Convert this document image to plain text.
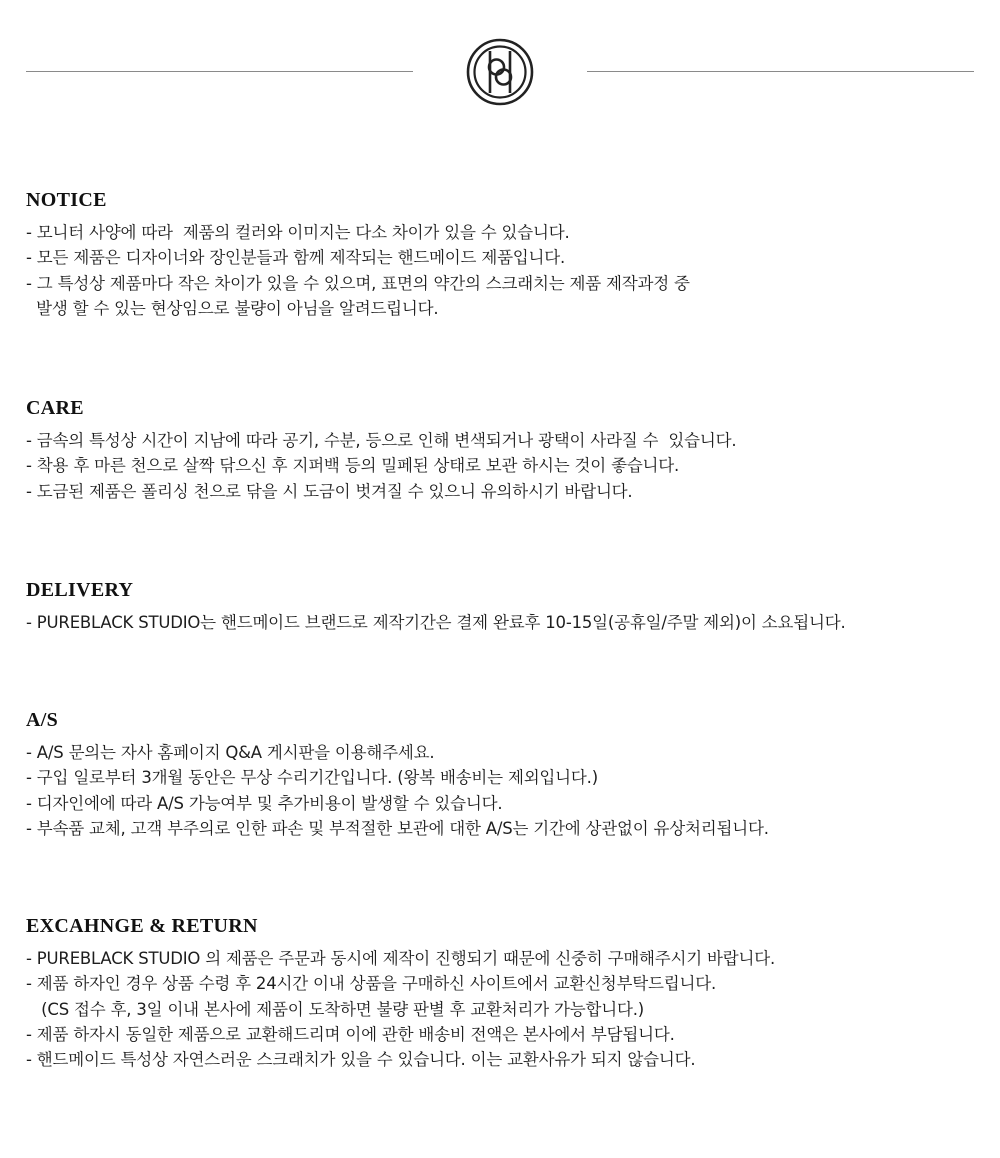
NOTICE
- 모니터 사양에 따라  제품의 컬러와 이미지는 다소 차이가 있을 수 있습니다.
- 모든 제품은 디자이너와 장인분들과 함께 제작되는 핸드메이드 제품입니다.
- 그 특성상 제품마다 작은 차이가 있을 수 있으며, 표면의 약간의 스크래치는 제품 제작과정 중
발생 할 수 있는 현상임으로 불량이 아님을 알려드립니다.
CARE
- 금속의 특성상 시간이 지남에 따라 공기, 수분, 등으로 인해 변색되거나 광택이 사라질 수  있습니다.
- 착용 후 마른 천으로 살짝 닦으신 후 지퍼백 등의 밀페된 상태로 보관 하시는 것이 좋습니다.
- 도금된 제품은 폴리싱 천으로 닦을 시 도금이 벗겨질 수 있으니 유의하시기 바랍니다.
DELIVERY
- PUREBLACK STUDIO는 핸드메이드 브랜드로 제작기간은 결제 완료후 10-15일(공휴일/주말 제외)이 소요됩니다.
A/S
- A/S 문의는 자사 홈페이지 Q&A 게시판을 이용해주세요.
- 구입 일로부터 3개월 동안은 무상 수리기간입니다. (왕복 배송비는 제외입니다.)
- 디자인에에 따라 A/S 가능여부 및 추가비용이 발생할 수 있습니다.
- 부속품 교체, 고객 부주의로 인한 파손 및 부적절한 보관에 대한 A/S는 기간에 상관없이 유상처리됩니다.
EXCAHNGE & RETURN
- PUREBLACK STUDIO 의 제품은 주문과 동시에 제작이 진행되기 때문에 신중히 구매해주시기 바랍니다.
- 제품 하자인 경우 상품 수령 후 24시간 이내 상품을 구매하신 사이트에서 교환신청부탁드립니다.
(CS 접수 후, 3일 이내 본사에 제품이 도착하면 불량 판별 후 교환처리가 가능합니다.)
- 제품 하자시 동일한 제품으로 교환해드리며 이에 관한 배송비 전액은 본사에서 부담됩니다.
- 핸드메이드 특성상 자연스러운 스크래치가 있을 수 있습니다. 이는 교환사유가 되지 않습니다.
